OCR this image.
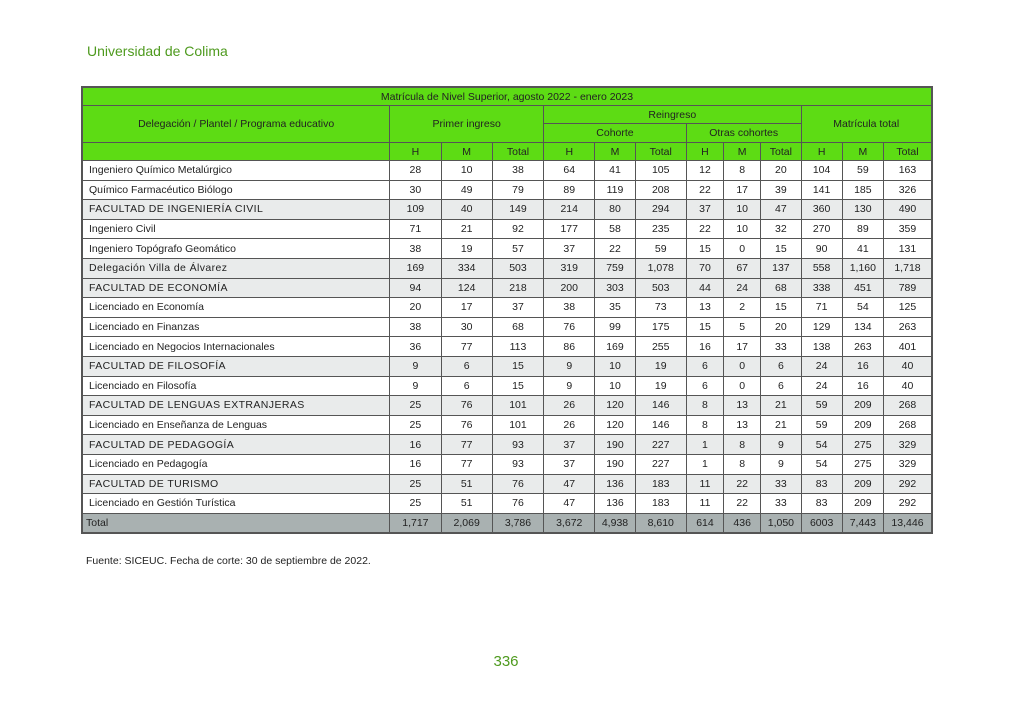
Universidad de Colima
Matrícula de Nivel Superior, agosto 2022 - enero 2023												
Delegación / Plantel / Programa educativo	Primer ingreso			Reingreso						Matrícula total		
				Cohorte			Otras cohortes					
	H	M	Total	H	M	Total	H	M	Total	H	M	Total
Ingeniero Químico Metalúrgico	28	10	38	64	41	105	12	8	20	104	59	163
Químico Farmacéutico Biólogo	30	49	79	89	119	208	22	17	39	141	185	326
FACULTAD DE INGENIERÍA CIVIL	109	40	149	214	80	294	37	10	47	360	130	490
Ingeniero Civil	71	21	92	177	58	235	22	10	32	270	89	359
Ingeniero Topógrafo Geomático	38	19	57	37	22	59	15	0	15	90	41	131
Delegación Villa de Álvarez	169	334	503	319	759	1,078	70	67	137	558	1,160	1,718
FACULTAD DE ECONOMÍA	94	124	218	200	303	503	44	24	68	338	451	789
Licenciado en Economía	20	17	37	38	35	73	13	2	15	71	54	125
Licenciado en Finanzas	38	30	68	76	99	175	15	5	20	129	134	263
Licenciado en Negocios Internacionales	36	77	113	86	169	255	16	17	33	138	263	401
FACULTAD DE FILOSOFÍA	9	6	15	9	10	19	6	0	6	24	16	40
Licenciado en Filosofía	9	6	15	9	10	19	6	0	6	24	16	40
FACULTAD DE LENGUAS EXTRANJERAS	25	76	101	26	120	146	8	13	21	59	209	268
Licenciado en Enseñanza de Lenguas	25	76	101	26	120	146	8	13	21	59	209	268
FACULTAD DE PEDAGOGÍA	16	77	93	37	190	227	1	8	9	54	275	329
Licenciado en Pedagogía	16	77	93	37	190	227	1	8	9	54	275	329
FACULTAD DE TURISMO	25	51	76	47	136	183	11	22	33	83	209	292
Licenciado en Gestión Turística	25	51	76	47	136	183	11	22	33	83	209	292
Total	1,717	2,069	3,786	3,672	4,938	8,610	614	436	1,050	6003	7,443	13,446
Fuente: SICEUC. Fecha de corte: 30 de septiembre de 2022.
336
